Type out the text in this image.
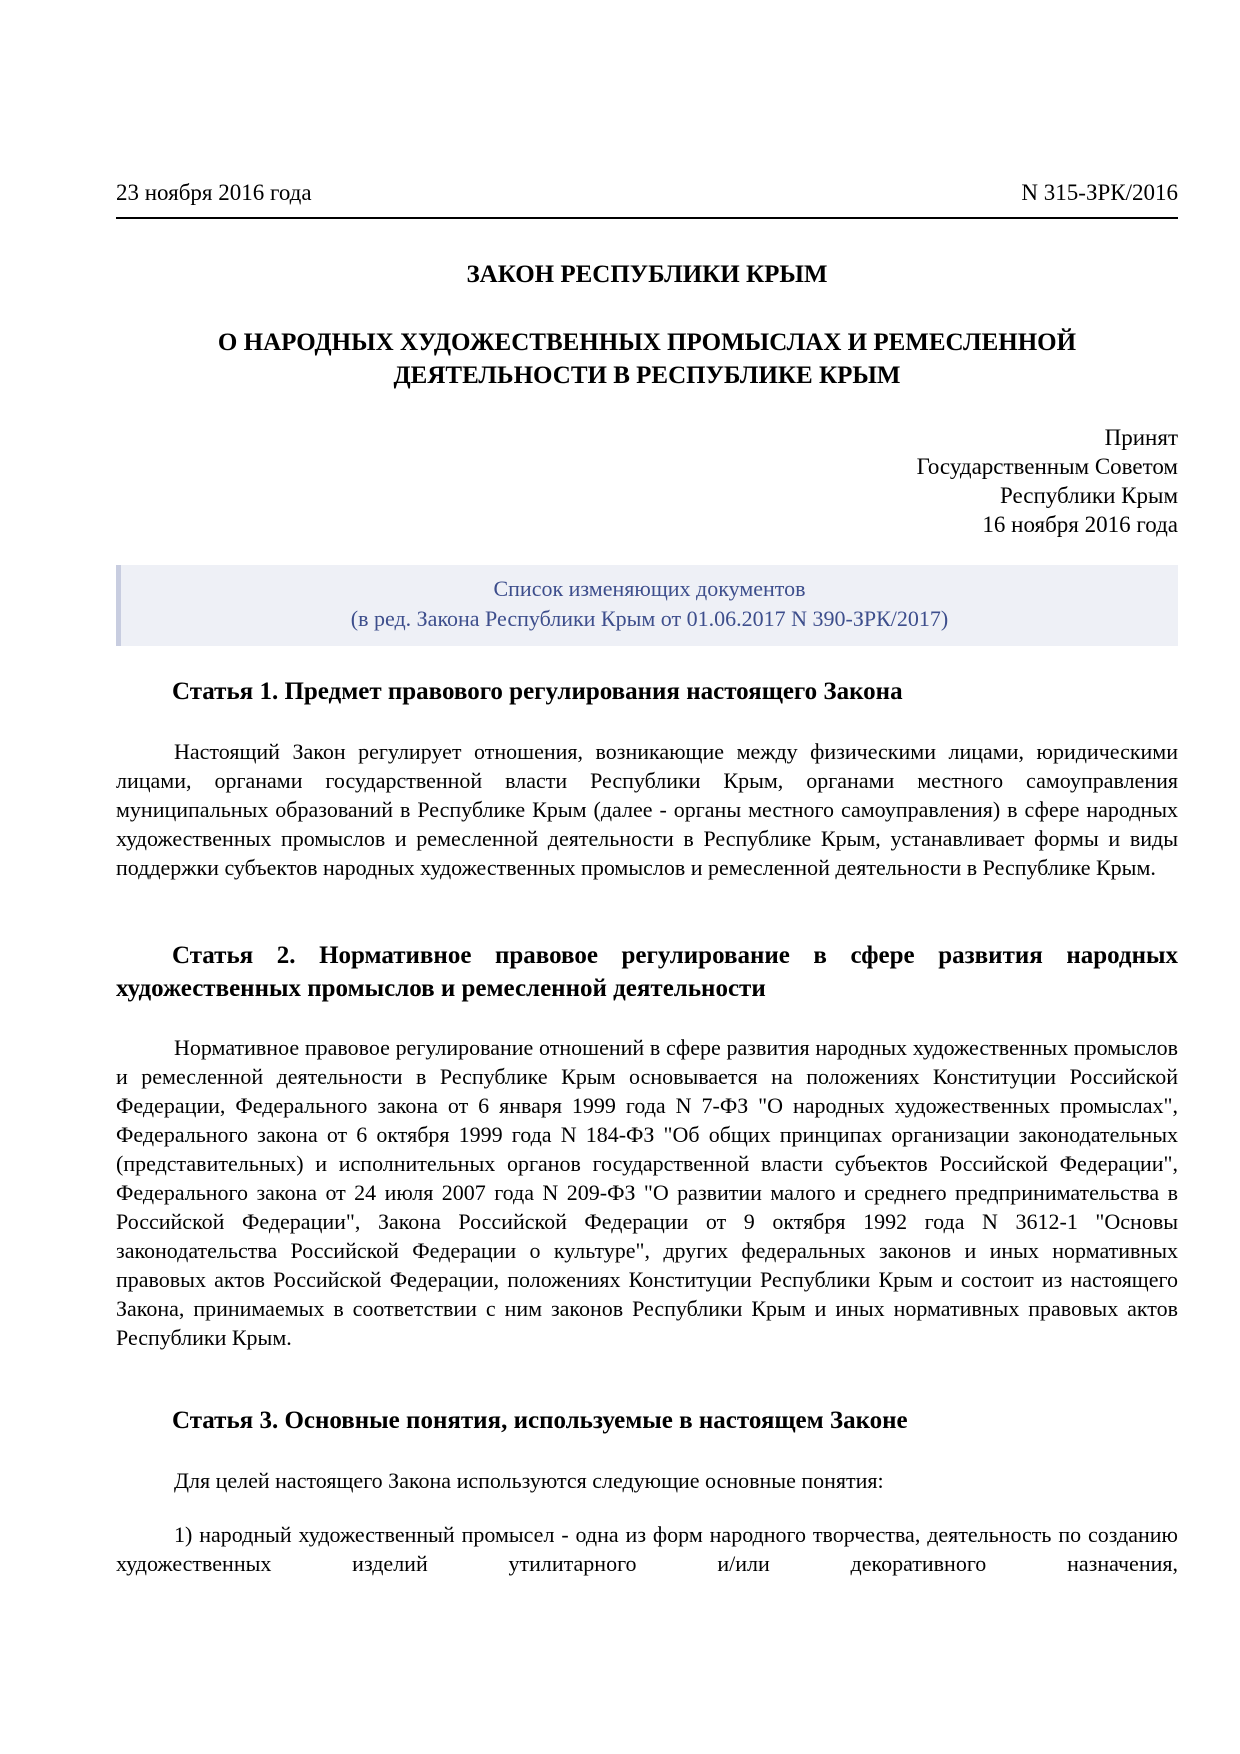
23 ноября 2016 года	N 315-ЗРК/2016
ЗАКОН РЕСПУБЛИКИ КРЫМ
О НАРОДНЫХ ХУДОЖЕСТВЕННЫХ ПРОМЫСЛАХ И РЕМЕСЛЕННОЙ
ДЕЯТЕЛЬНОСТИ В РЕСПУБЛИКЕ КРЫМ
Принят
Государственным Советом
Республики Крым
16 ноября 2016 года
Список изменяющих документов
(в ред. Закона Республики Крым от 01.06.2017 N 390-ЗРК/2017)
Статья 1. Предмет правового регулирования настоящего Закона
Настоящий Закон регулирует отношения, возникающие между физическими лицами, юридическими лицами, органами государственной власти Республики Крым, органами местного самоуправления муниципальных образований в Республике Крым (далее - органы местного самоуправления) в сфере народных художественных промыслов и ремесленной деятельности в Республике Крым, устанавливает формы и виды поддержки субъектов народных художественных промыслов и ремесленной деятельности в Республике Крым.
Статья 2. Нормативное правовое регулирование в сфере развития народных художественных промыслов и ремесленной деятельности
Нормативное правовое регулирование отношений в сфере развития народных художественных промыслов и ремесленной деятельности в Республике Крым основывается на положениях Конституции Российской Федерации, Федерального закона от 6 января 1999 года N 7-ФЗ "О народных художественных промыслах", Федерального закона от 6 октября 1999 года N 184-ФЗ "Об общих принципах организации законодательных (представительных) и исполнительных органов государственной власти субъектов Российской Федерации", Федерального закона от 24 июля 2007 года N 209-ФЗ "О развитии малого и среднего предпринимательства в Российской Федерации", Закона Российской Федерации от 9 октября 1992 года N 3612-1 "Основы законодательства Российской Федерации о культуре", других федеральных законов и иных нормативных правовых актов Российской Федерации, положениях Конституции Республики Крым и состоит из настоящего Закона, принимаемых в соответствии с ним законов Республики Крым и иных нормативных правовых актов Республики Крым.
Статья 3. Основные понятия, используемые в настоящем Законе
Для целей настоящего Закона используются следующие основные понятия:
1) народный художественный промысел - одна из форм народного творчества, деятельность по созданию художественных изделий утилитарного и/или декоративного назначения,
